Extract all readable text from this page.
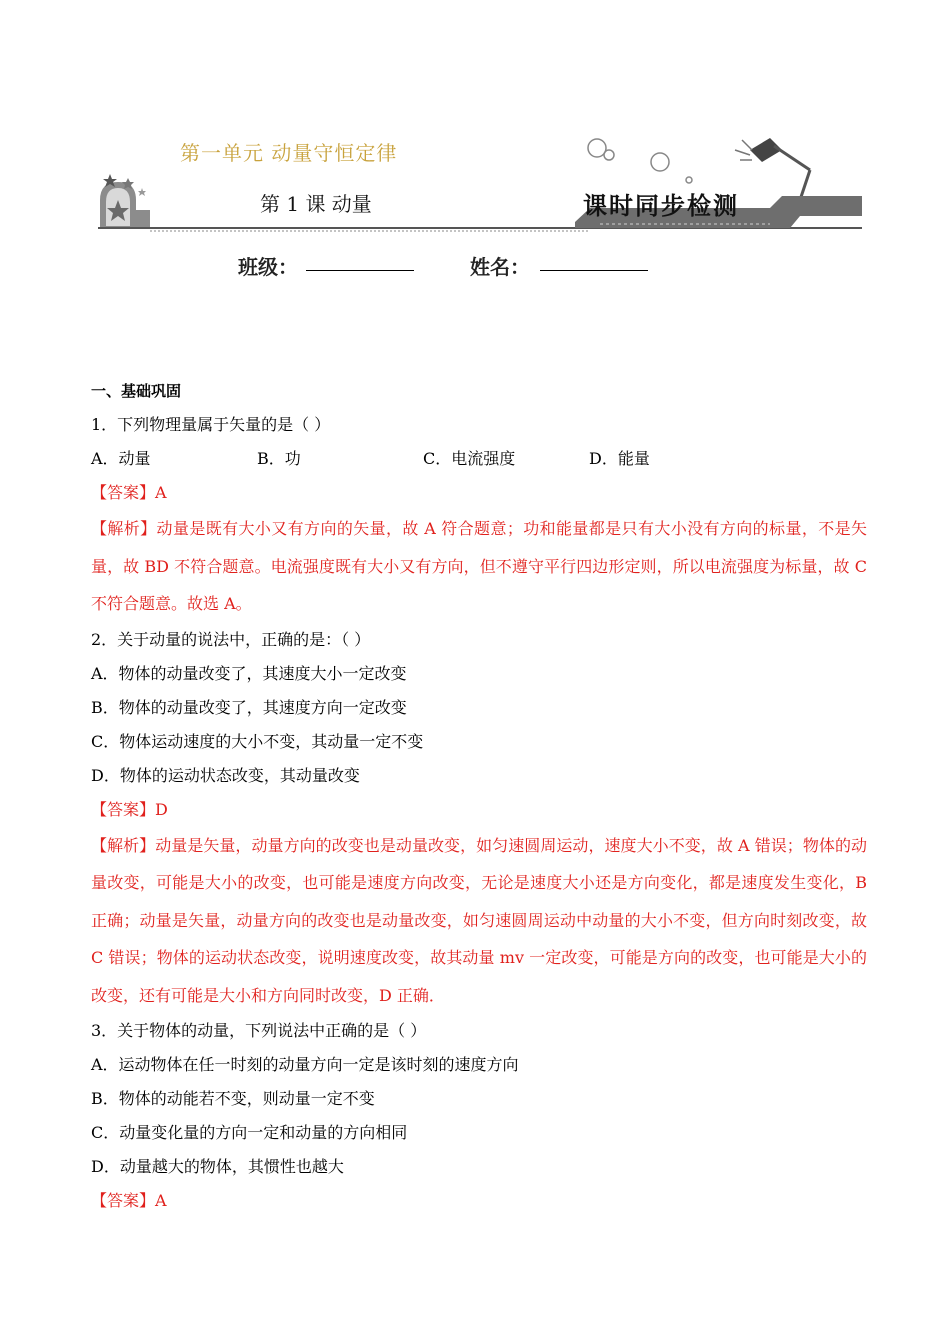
第一单元 动量守恒定律
第 1 课 动量	课时同步检测
班级：	姓名：

一、基础巩固

1．下列物理量属于矢量的是（ ）

A．动量	B．功	C．电流强度	D．能量

【答案】A

【解析】动量是既有大小又有方向的矢量，故 A 符合题意；功和能量都是只有大小没有方向的标量，不是矢量，故 BD 不符合题意。电流强度既有大小又有方向，但不遵守平行四边形定则，所以电流强度为标量，故 C 不符合题意。故选 A。

2．关于动量的说法中，正确的是：（ ）

A．物体的动量改变了，其速度大小一定改变

B．物体的动量改变了，其速度方向一定改变

C．物体运动速度的大小不变，其动量一定不变

D．物体的运动状态改变，其动量改变

【答案】D

【解析】动量是矢量，动量方向的改变也是动量改变，如匀速圆周运动，速度大小不变，故 A 错误；物体的动量改变，可能是大小的改变，也可能是速度方向改变，无论是速度大小还是方向变化，都是速度发生变化，B 正确；动量是矢量，动量方向的改变也是动量改变，如匀速圆周运动中动量的大小不变，但方向时刻改变，故 C 错误；物体的运动状态改变，说明速度改变，故其动量 mv 一定改变，可能是方向的改变，也可能是大小的改变，还有可能是大小和方向同时改变，D 正确．

3．关于物体的动量，下列说法中正确的是（ ）

A．运动物体在任一时刻的动量方向一定是该时刻的速度方向

B．物体的动能若不变，则动量一定不变

C．动量变化量的方向一定和动量的方向相同

D．动量越大的物体，其惯性也越大

【答案】A
